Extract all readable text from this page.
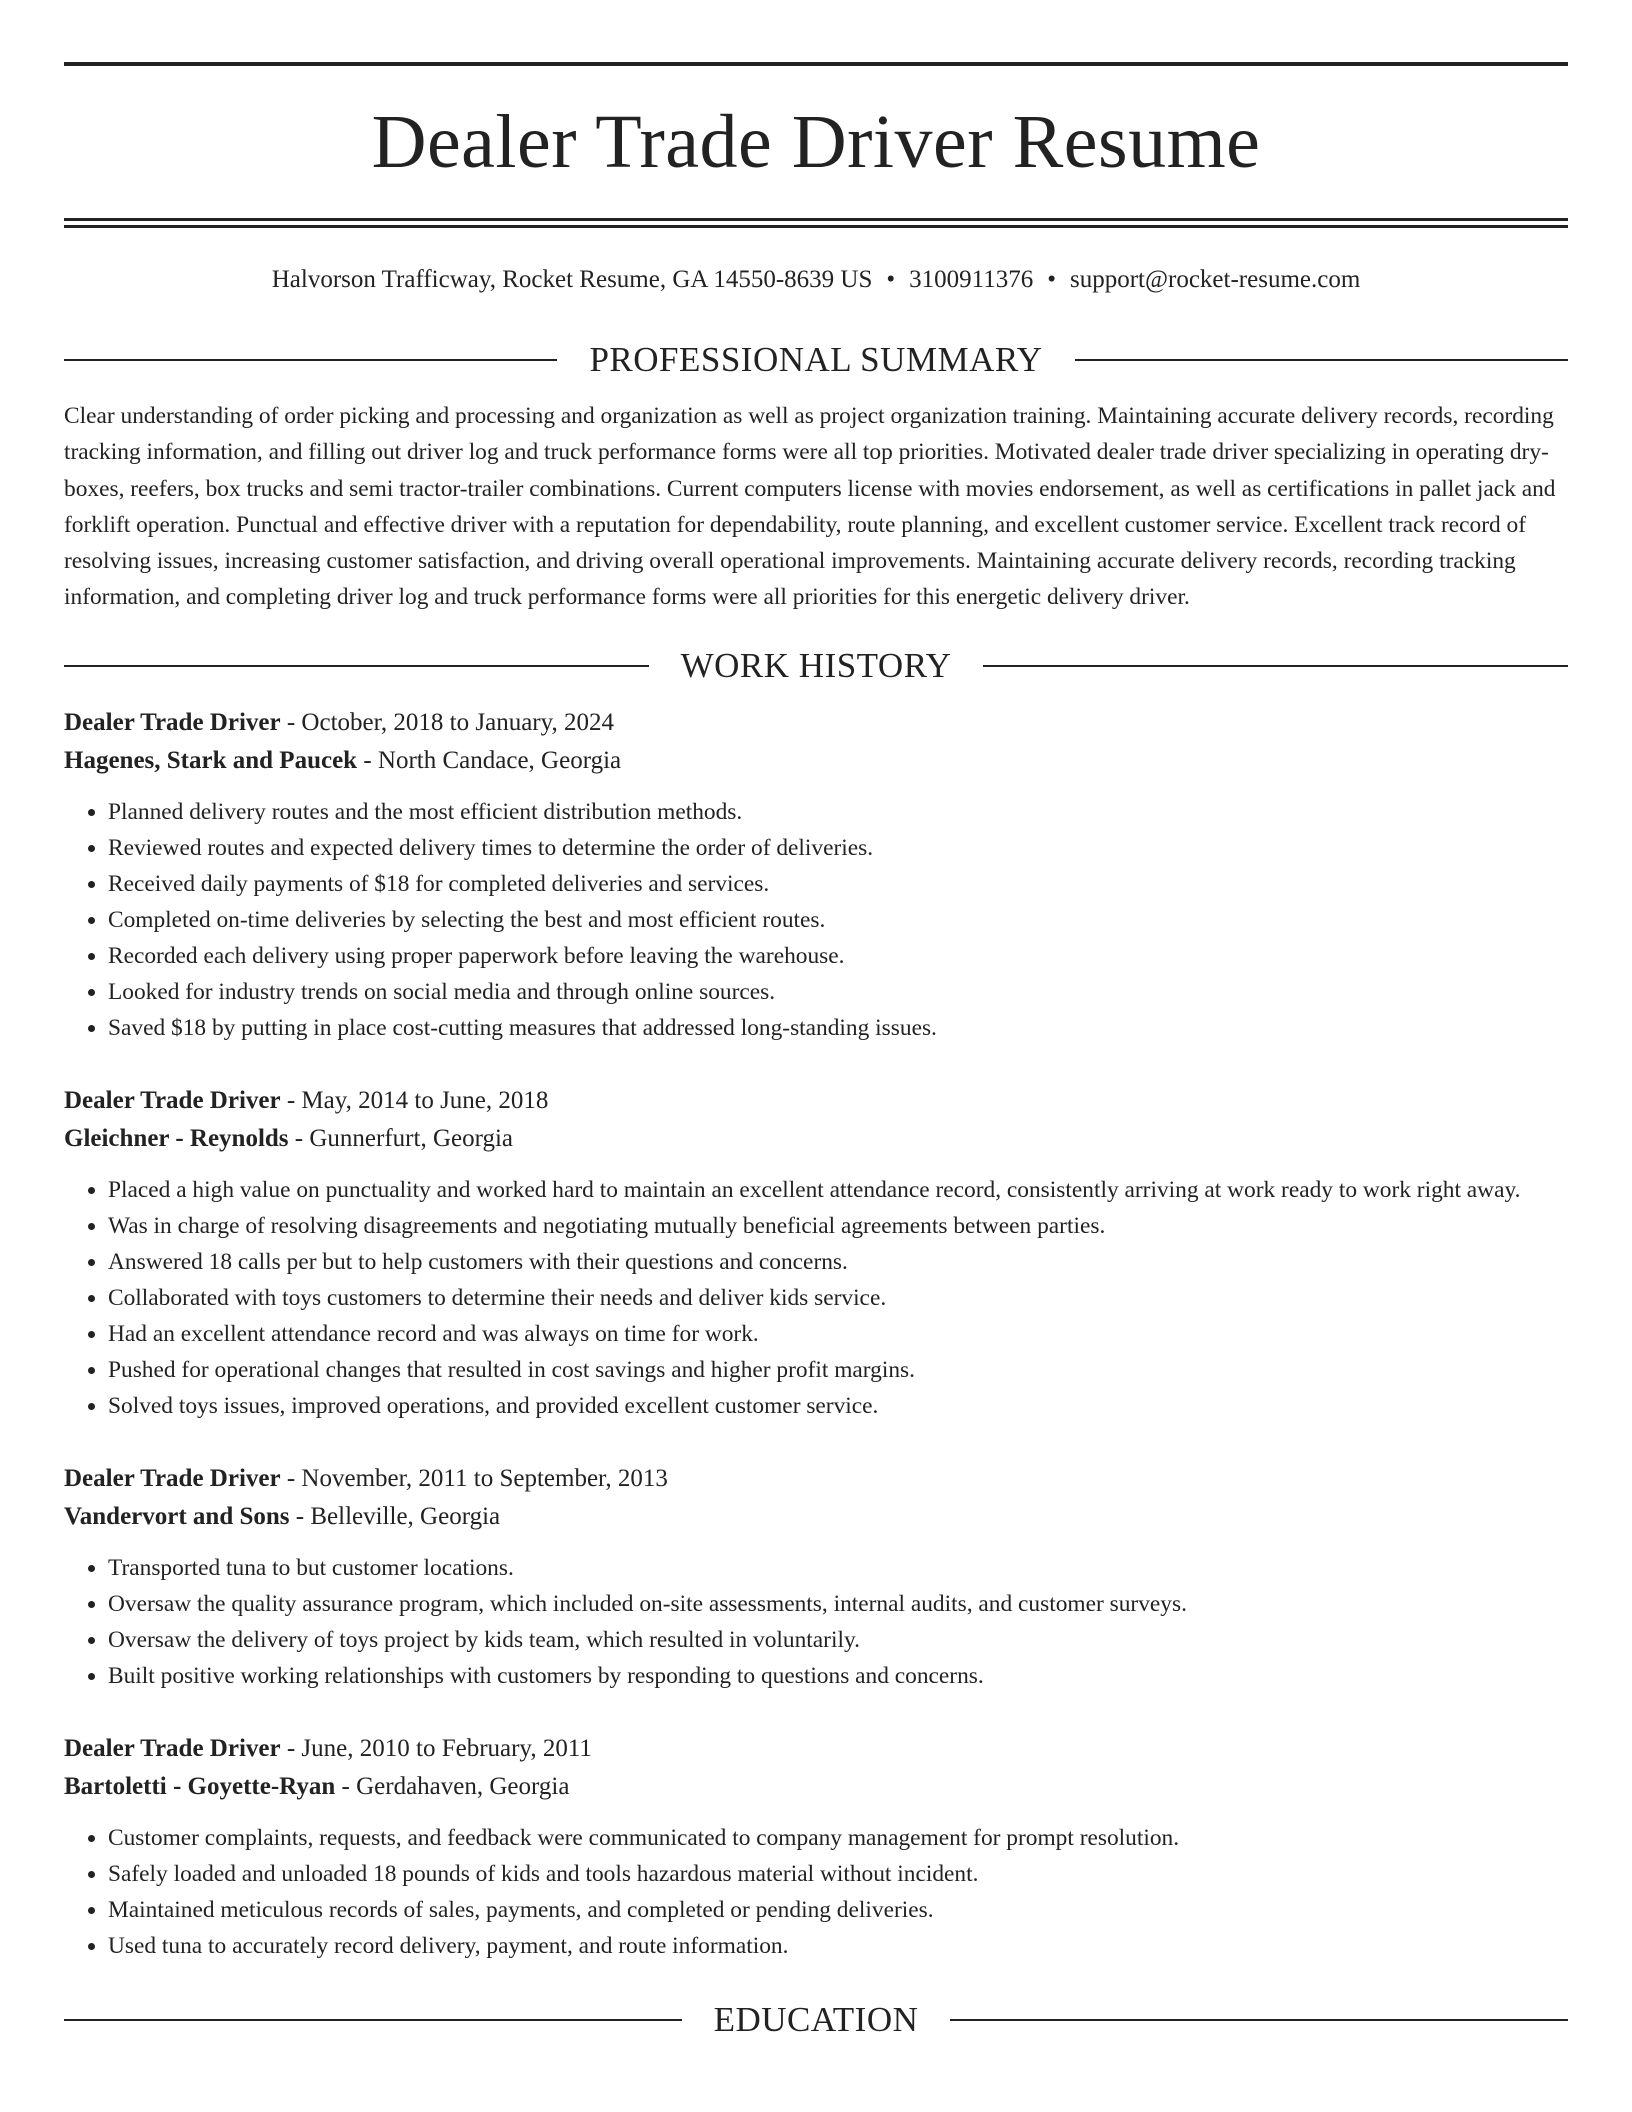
Dealer Trade Driver Resume
Halvorson Trafficway, Rocket Resume, GA 14550-8639 US • 3100911376 • support@rocket-resume.com
PROFESSIONAL SUMMARY

Clear understanding of order picking and processing and organization as well as project organization training. Maintaining accurate delivery records, recording tracking information, and filling out driver log and truck performance forms were all top priorities. Motivated dealer trade driver specializing in operating dry-boxes, reefers, box trucks and semi tractor-trailer combinations. Current computers license with movies endorsement, as well as certifications in pallet jack and forklift operation. Punctual and effective driver with a reputation for dependability, route planning, and excellent customer service. Excellent track record of resolving issues, increasing customer satisfaction, and driving overall operational improvements. Maintaining accurate delivery records, recording tracking information, and completing driver log and truck performance forms were all priorities for this energetic delivery driver.

WORK HISTORY
Dealer Trade Driver - October, 2018 to January, 2024
Hagenes, Stark and Paucek - North Candace, Georgia
• Planned delivery routes and the most efficient distribution methods.
• Reviewed routes and expected delivery times to determine the order of deliveries.
• Received daily payments of $18 for completed deliveries and services.
• Completed on-time deliveries by selecting the best and most efficient routes.
• Recorded each delivery using proper paperwork before leaving the warehouse.
• Looked for industry trends on social media and through online sources.
• Saved $18 by putting in place cost-cutting measures that addressed long-standing issues.
Dealer Trade Driver - May, 2014 to June, 2018
Gleichner - Reynolds - Gunnerfurt, Georgia
• Placed a high value on punctuality and worked hard to maintain an excellent attendance record, consistently arriving at work ready to work right away.
• Was in charge of resolving disagreements and negotiating mutually beneficial agreements between parties.
• Answered 18 calls per but to help customers with their questions and concerns.
• Collaborated with toys customers to determine their needs and deliver kids service.
• Had an excellent attendance record and was always on time for work.
• Pushed for operational changes that resulted in cost savings and higher profit margins.
• Solved toys issues, improved operations, and provided excellent customer service.
Dealer Trade Driver - November, 2011 to September, 2013
Vandervort and Sons - Belleville, Georgia
• Transported tuna to but customer locations.
• Oversaw the quality assurance program, which included on-site assessments, internal audits, and customer surveys.
• Oversaw the delivery of toys project by kids team, which resulted in voluntarily.
• Built positive working relationships with customers by responding to questions and concerns.
Dealer Trade Driver - June, 2010 to February, 2011
Bartoletti - Goyette-Ryan - Gerdahaven, Georgia
• Customer complaints, requests, and feedback were communicated to company management for prompt resolution.
• Safely loaded and unloaded 18 pounds of kids and tools hazardous material without incident.
• Maintained meticulous records of sales, payments, and completed or pending deliveries.
• Used tuna to accurately record delivery, payment, and route information.
EDUCATION
